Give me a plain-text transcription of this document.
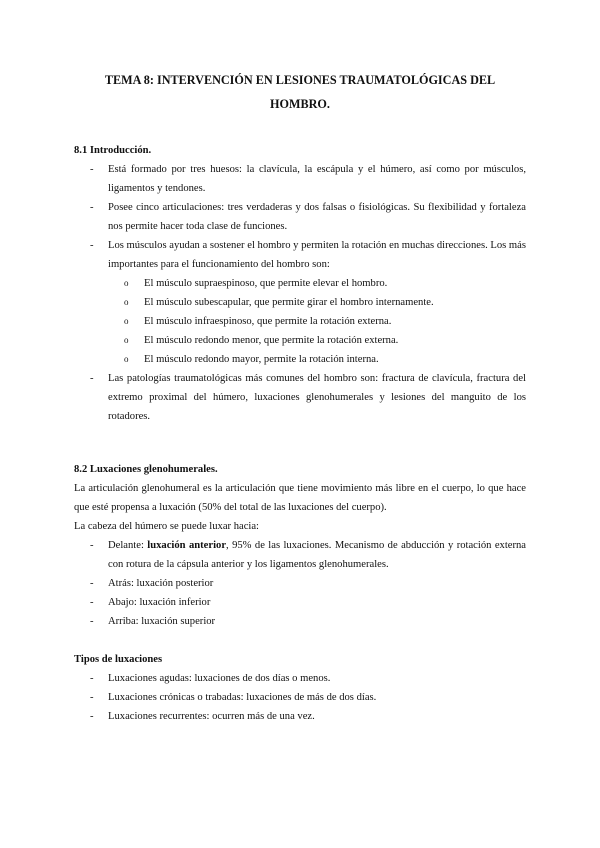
TEMA 8: INTERVENCIÓN EN LESIONES TRAUMATOLÓGICAS DEL HOMBRO.
8.1 Introducción.
- Está formado por tres huesos: la clavícula, la escápula y el húmero, así como por músculos, ligamentos y tendones.
- Posee cinco articulaciones: tres verdaderas y dos falsas o fisiológicas. Su flexibilidad y fortaleza nos permite hacer toda clase de funciones.
- Los músculos ayudan a sostener el hombro y permiten la rotación en muchas direcciones. Los más importantes para el funcionamiento del hombro son:
o El músculo supraespinoso, que permite elevar el hombro.
o El músculo subescapular, que permite girar el hombro internamente.
o El músculo infraespinoso, que permite la rotación externa.
o El músculo redondo menor, que permite la rotación externa.
o El músculo redondo mayor, permite la rotación interna.
- Las patologías traumatológicas más comunes del hombro son: fractura de clavícula, fractura del extremo proximal del húmero, luxaciones glenohumerales y lesiones del manguito de los rotadores.
8.2 Luxaciones glenohumerales.

La articulación glenohumeral es la articulación que tiene movimiento más libre en el cuerpo, lo que hace que esté propensa a luxación (50% del total de las luxaciones del cuerpo).

La cabeza del húmero se puede luxar hacia:

- Delante: luxación anterior, 95% de las luxaciones. Mecanismo de abducción y rotación externa con rotura de la cápsula anterior y los ligamentos glenohumerales.
- Atrás: luxación posterior
- Abajo: luxación inferior
- Arriba: luxación superior
Tipos de luxaciones
- Luxaciones agudas: luxaciones de dos días o menos.
- Luxaciones crónicas o trabadas: luxaciones de más de dos días.
- Luxaciones recurrentes: ocurren más de una vez.
